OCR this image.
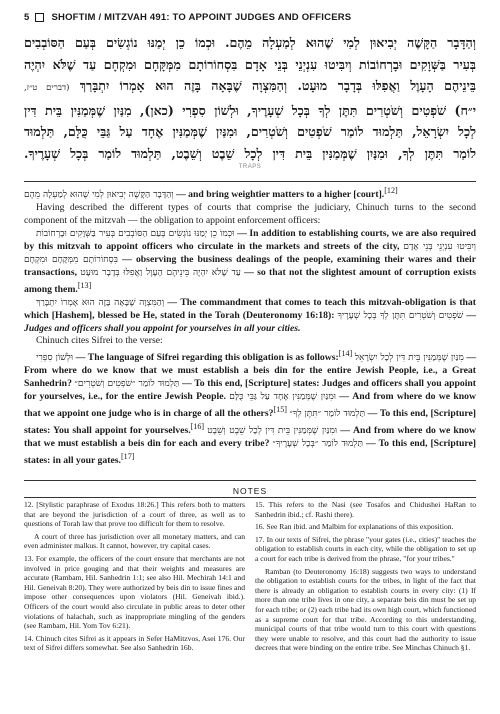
5 SHOFTIM / MITZVAH 491: TO APPOINT JUDGES AND OFFICERS
וְהַדָּבָר הַקָּשֶׁה יְבִיאוּן לְמִי שֶׁהוּא לְמַעְלָה מֵהֶם. וּכְמוֹ כֵן יְמַנּוּ נוֹגְשִׂים בְּעַם הַסּוֹבְבִים
בְּעִיר בַּשְּׁוָקִים וּבָרְחוֹבוֹת וְיִבִּיטוּ עִנְיְנֵי בְּנֵי אָדָם בִּסְחוֹרוֹתָם מִמְּקָּחָם וּמִקְחָם עַד שֶׁלֹּא יִהְיֶה
בֵּינֵיהֶם הָעָוֶל וַאֲפִלּוּ בְּדָבָר מוּעָט. וְהַמִּצְוָה שֶׁבָּאָה בָּזֶה הוּא אָמְרוֹ יִתְבָּרַךְ (דברים ט״ז,
י״ח) שֹׁפְטִים וְשֹׁטְרִים תִּתֶּן לְךָ בְּכָל שְׁעָרֶיךָ, וּלְשׁוֹן סִפְרִי (כאן), מִנַּיִן שֶׁמְּמַנִּין בֵּית דִּין
לְכָל יִשְׂרָאֵל, תַּלְמוּד לוֹמַר שֹׁפְטִים וְשֹׁטְרִים, וּמִנַּיִן שֶׁמְּמַנִּין אֶחָד עַל גַּבֵּי כֻּלָּם, תַּלְמוּד
לוֹמַר תִּתֶּן לְךָ, וּמִנַּיִן שֶׁמְּמַנִּין בֵּית דִּין לְכָל שֵׁבֶט וְשֵׁבֶט, תַּלְמוּד לוֹמַר בְּכָל שְׁעָרֶיךָ.
TRAPS

וְהַדָּבָר הַקָּשֶׁה יְבִיאוּן לְמִי שֶׁהוּא לְמַעְלָה מֵהֶם — and bring weightier matters to a higher [court].[12]

Having described the different types of courts that comprise the judiciary, Chinuch turns to the second component of the mitzvah — the obligation to appoint enforcement officers:

וּכְמוֹ כֵן יְמַנּוּ נוֹגְשִׂים בְּעַם הַסּוֹבְבִים בְּעִיר בַּשְּׁוָקִים וּבָרְחוֹבוֹת — In addition to establishing courts, we are also required by this mitzvah to appoint officers who circulate in the markets and streets of the city, וְיִבִּיטוּ עִנְיְנֵי בְּנֵי אָדָם בִּסְחוֹרוֹתָם מִמְּקָּחָם וּמִקְחָם — observing the business dealings of the people, examining their wares and their transactions, עַד שֶׁלֹּא יִהְיֶה בֵּינֵיהֶם הָעָוֶל וַאֲפִלּוּ בְּדָבָר מוּעָט — so that not the slightest amount of corruption exists among them.[13]

וְהַמִּצְוָה שֶׁבָּאָה בָּזֶה הוּא אָמְרוֹ יִתְבָּרַךְ — The commandment that comes to teach this mitzvah-obligation is that which [Hashem], blessed be He, stated in the Torah (Deuteronomy 16:18): שֹׁפְטִים וְשֹׁטְרִים תִּתֶּן לְךָ בְּכָל שְׁעָרֶיךָ — Judges and officers shall you appoint for yourselves in all your cities.

Chinuch cites Sifrei to the verse:

וּלְשׁוֹן סִפְרִי — The language of Sifrei regarding this obligation is as follows:[14] מִנַּיִן שֶׁמְּמַנִּין בֵּית דִּין לְכָל יִשְׂרָאֵל — From where do we know that we must establish a beis din for the entire Jewish People, i.e., a Great Sanhedrin? תַּלְמוּד לוֹמַר ״שֹׁפְטִים וְשֹׁטְרִים״ — To this end, [Scripture] states: Judges and officers shall you appoint for yourselves, i.e., for the entire Jewish People. וּמִנַּיִן שֶׁמְּמַנִּין אֶחָד עַל גַּבֵּי כֻּלָּם — And from where do we know that we appoint one judge who is in charge of all the others?[15] תַּלְמוּד לוֹמַר ״תִּתֶּן לְךָ״ — To this end, [Scripture] states: You shall appoint for yourselves.[16] וּמִנַּיִן שֶׁמְּמַנִּין בֵּית דִּין לְכָל שֵׁבֶט וְשֵׁבֶט — And from where do we know that we must establish a beis din for each and every tribe? תַּלְמוּד לוֹמַר ״בְּכָל שְׁעָרֶיךָ״ — To this end, [Scripture] states: in all your gates.[17]

NOTES

12. [Stylistic paraphrase of Exodus 18:26.] This refers both to matters that are beyond the jurisdiction of a court of three, as well as to questions of Torah law that prove too difficult for them to resolve.

A court of three has jurisdiction over all monetary matters, and can even administer malkus. It cannot, however, try capital cases.

13. For example, the officers of the court ensure that merchants are not involved in price gouging and that their weights and measures are accurate (Rambam, Hil. Sanhedrin 1:1; see also Hil. Mechirah 14:1 and Hil. Geneivah 8:20). They were authorized by beis din to issue fines and impose other consequences upon violators (Hil. Geneivah ibid.). Officers of the court would also circulate in public areas to deter other violations of halachah, such as inappropriate mingling of the genders (see Rambam, Hil. Yom Tov 6:21).

14. Chinuch cites Sifrei as it appears in Sefer HaMitzvos, Asei 176. Our text of Sifrei differs somewhat. See also Sanhedrin 16b.

15. This refers to the Nasi (see Tosafos and Chidushei HaRan to Sanhedrin ibid.; cf. Rashi there).

16. See Ran ibid. and Malbim for explanations of this exposition.

17. In our texts of Sifrei, the phrase "your gates (i.e., cities)" teaches the obligation to establish courts in each city, while the obligation to set up a court for each tribe is derived from the phrase, "for your tribes."

Ramban (to Deuteronomy 16:18) suggests two ways to understand the obligation to establish courts for the tribes, in light of the fact that there is already an obligation to establish courts in every city: (1) If more than one tribe lives in one city, a separate beis din must be set up for each tribe; or (2) each tribe had its own high court, which functioned as a supreme court for that tribe. According to this understanding, municipal courts of that tribe would turn to this court with questions they were unable to resolve, and this court had the authority to issue decrees that were binding on the entire tribe. See Minchas Chinuch §1.
